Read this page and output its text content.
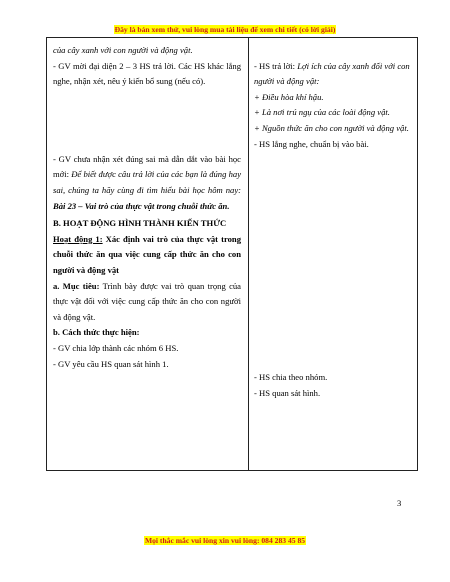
Đây là bản xem thử, vui lòng mua tài liệu để xem chi tiết (có lời giải)

của cây xanh với con người và động vật.

- GV mời đại diện 2 – 3 HS trả lời. Các HS khác lắng nghe, nhận xét, nêu ý kiến bổ sung (nếu có).

- GV chưa nhận xét đúng sai mà dẫn dắt vào bài học mới: Để biết được câu trả lời của các bạn là đúng hay sai, chúng ta hãy cùng đi tìm hiểu bài học hôm nay: Bài 23 – Vai trò của thực vật trong chuỗi thức ăn.

B. HOẠT ĐỘNG HÌNH THÀNH KIẾN THỨC

Hoạt động 1: Xác định vai trò của thực vật trong chuỗi thức ăn qua việc cung cấp thức ăn cho con người và động vật

a. Mục tiêu: Trình bày được vai trò quan trọng của thực vật đối với việc cung cấp thức ăn cho con người và động vật.

b. Cách thức thực hiện:

- GV chia lớp thành các nhóm 6 HS.

- GV yêu cầu HS quan sát hình 1.

- HS trả lời: Lợi ích của cây xanh đối với con người và động vật:

+ Điều hòa khí hậu.

+ Là nơi trú ngụ của các loài động vật.

+ Nguồn thức ăn cho con người và động vật.

- HS lắng nghe, chuẩn bị vào bài.

- HS chia theo nhóm.

- HS quan sát hình.

3
Mọi thắc mắc vui lòng xin vui lòng: 084 283 45 85
